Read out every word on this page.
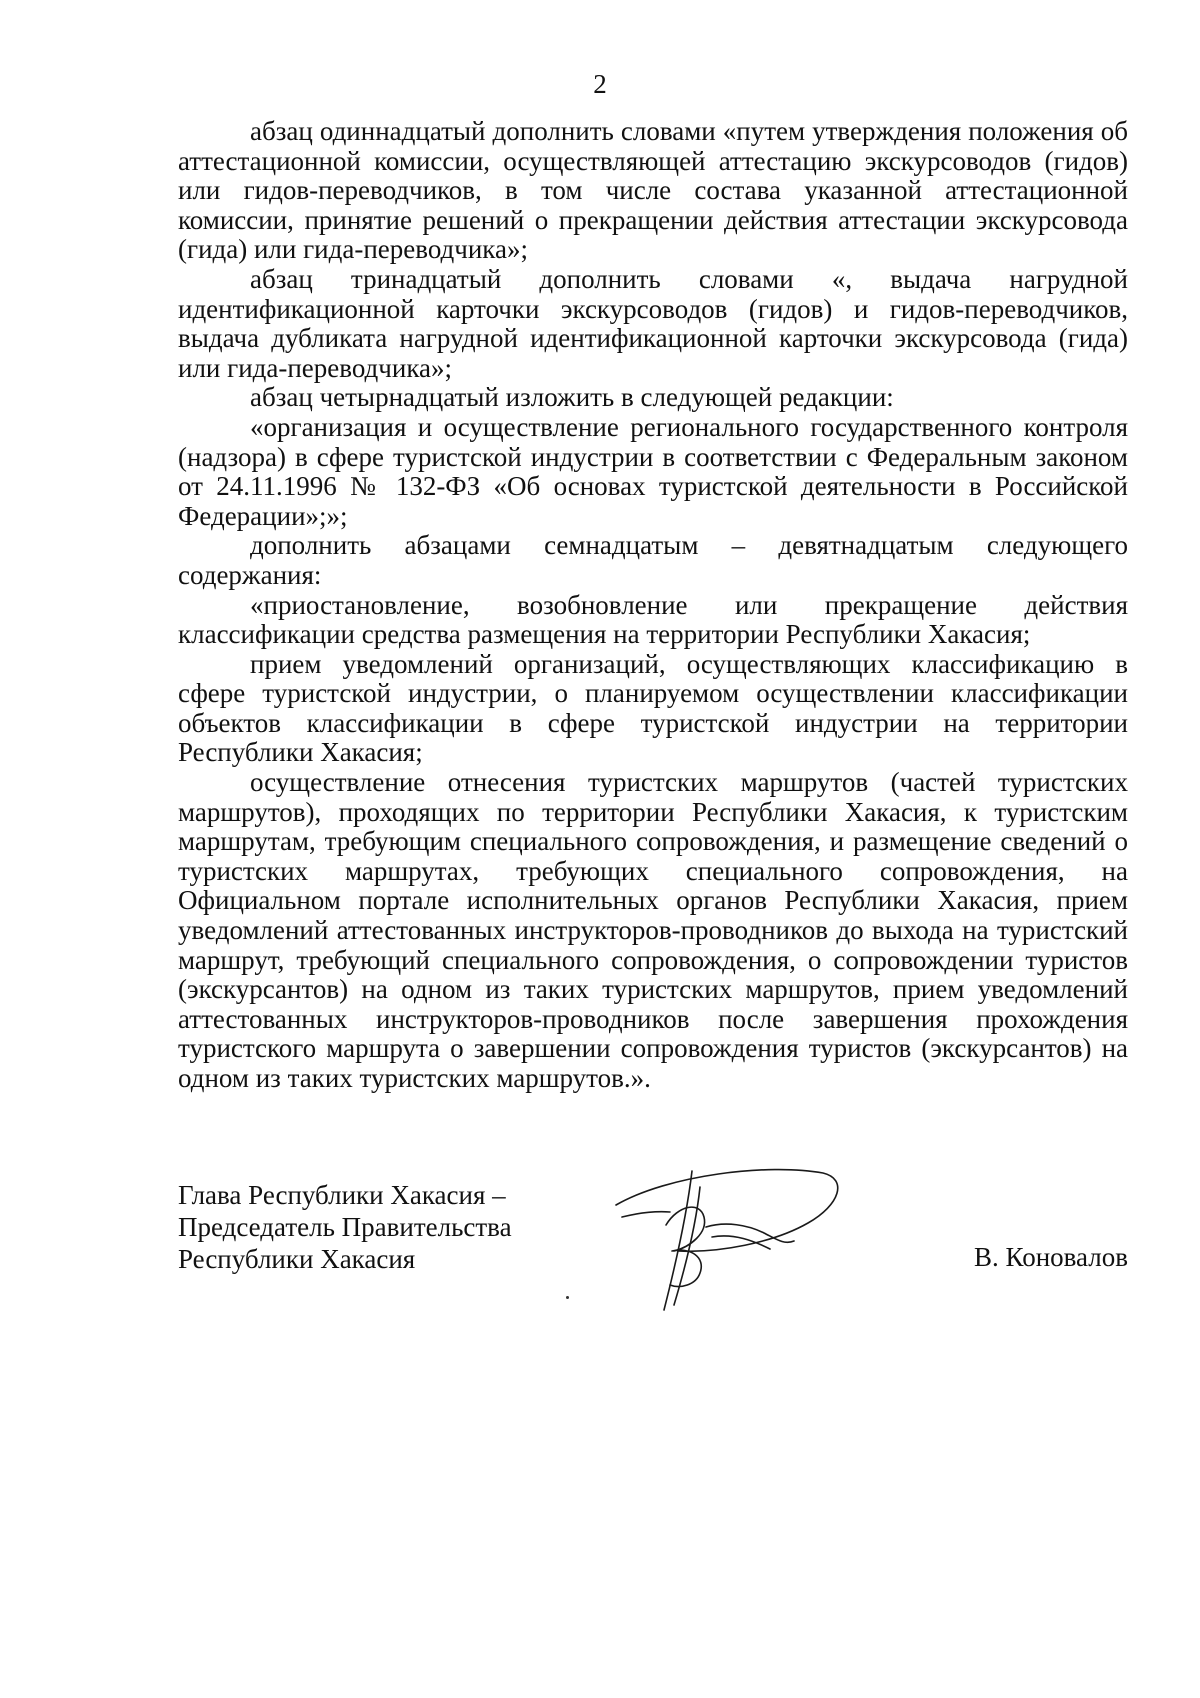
2

абзац одиннадцатый дополнить словами «путем утверждения положения об аттестационной комиссии, осуществляющей аттестацию экскурсоводов (гидов) или гидов-переводчиков, в том числе состава указанной аттестационной комиссии, принятие решений о прекращении действия аттестации экскурсовода (гида) или гида-переводчика»;

абзац тринадцатый дополнить словами «, выдача нагрудной идентификационной карточки экскурсоводов (гидов) и гидов-переводчиков, выдача дубликата нагрудной идентификационной карточки экскурсовода (гида) или гида-переводчика»;

абзац четырнадцатый изложить в следующей редакции:

«организация и осуществление регионального государственного контроля (надзора) в сфере туристской индустрии в соответствии с Федеральным законом от 24.11.1996 № 132-ФЗ «Об основах туристской деятельности в Российской Федерации»;»;

дополнить абзацами семнадцатым – девятнадцатым следующего содержания:

«приостановление, возобновление или прекращение действия классификации средства размещения на территории Республики Хакасия;

прием уведомлений организаций, осуществляющих классификацию в сфере туристской индустрии, о планируемом осуществлении классификации объектов классификации в сфере туристской индустрии на территории Республики Хакасия;

осуществление отнесения туристских маршрутов (частей туристских маршрутов), проходящих по территории Республики Хакасия, к туристским маршрутам, требующим специального сопровождения, и размещение сведений о туристских маршрутах, требующих специального сопровождения, на Официальном портале исполнительных органов Республики Хакасия, прием уведомлений аттестованных инструкторов-проводников до выхода на туристский маршрут, требующий специального сопровождения, о сопровождении туристов (экскурсантов) на одном из таких туристских маршрутов, прием уведомлений аттестованных инструкторов-проводников после завершения прохождения туристского маршрута о завершении сопровождения туристов (экскурсантов) на одном из таких туристских маршрутов.».

Глава Республики Хакасия –
Председатель Правительства
Республики Хакасия	В. Коновалов
